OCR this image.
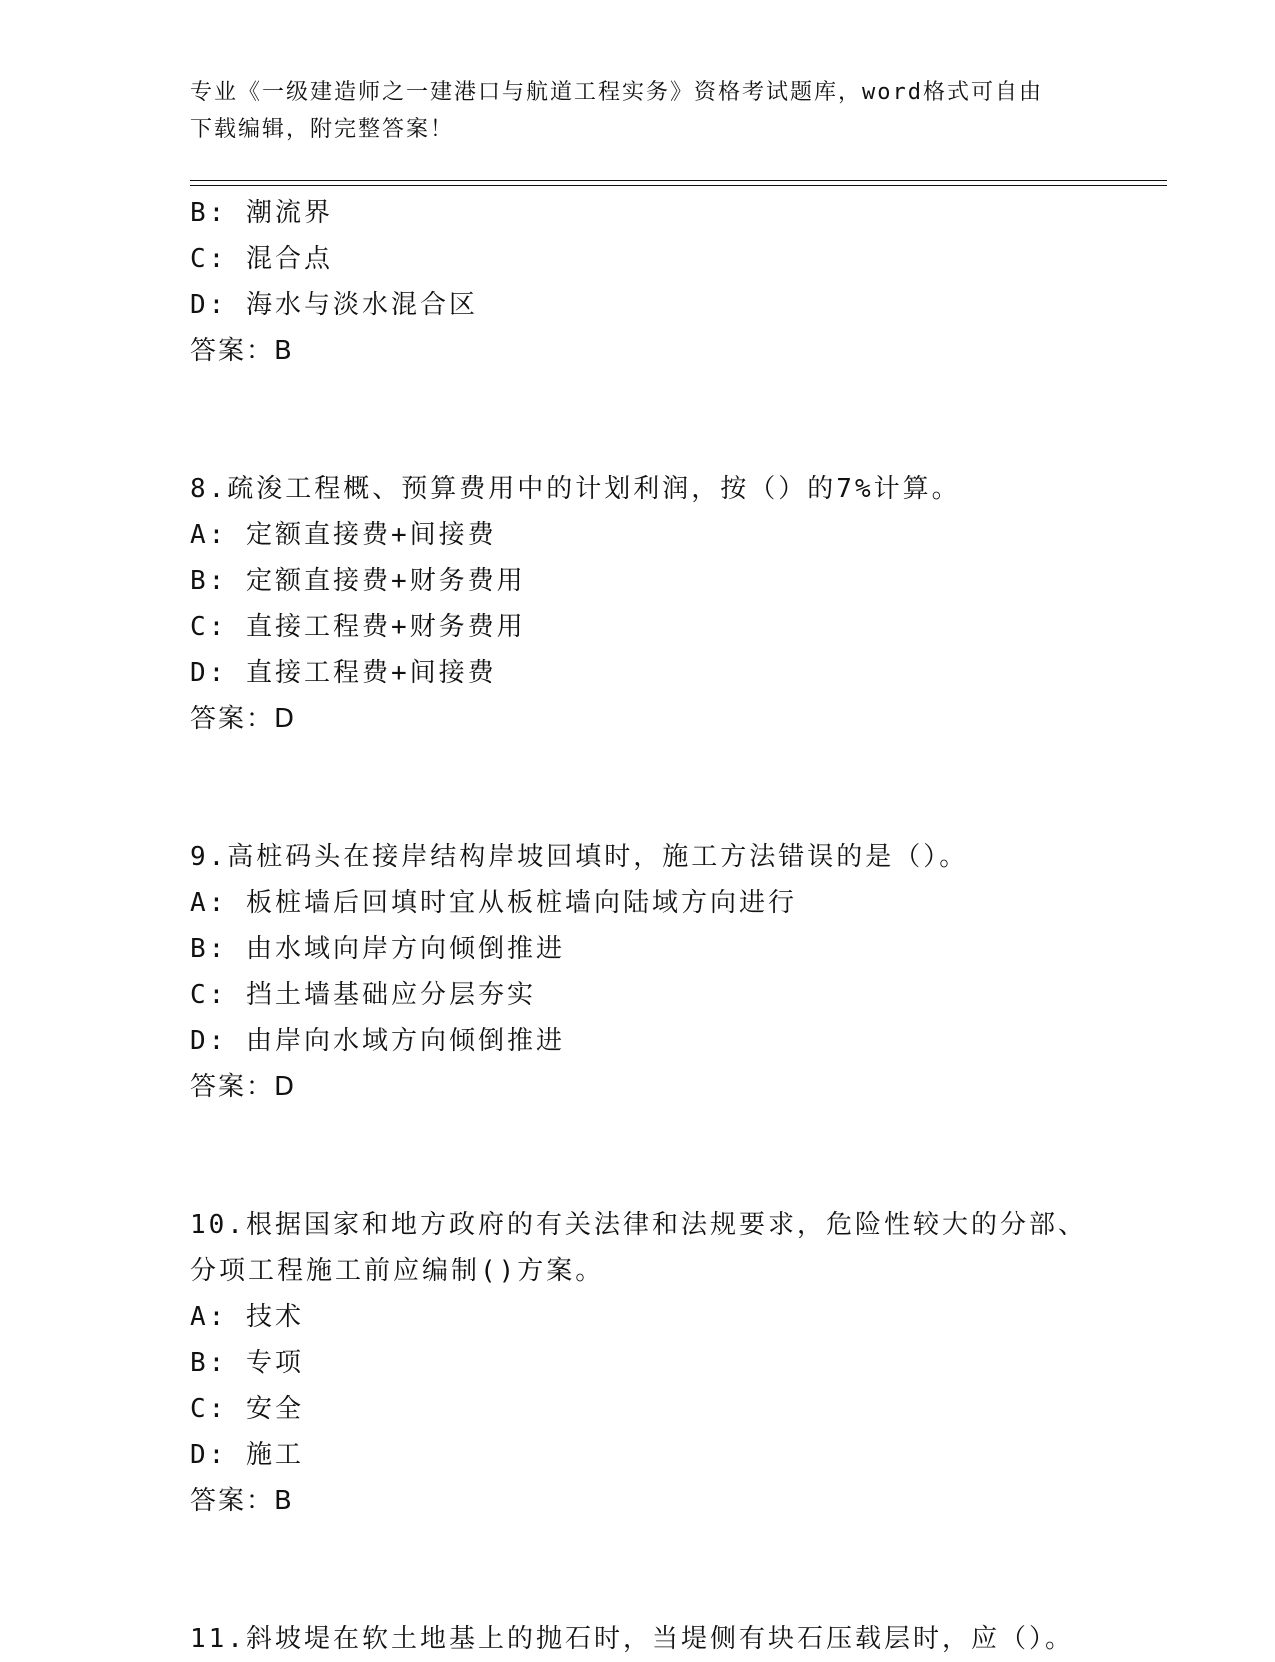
专业《一级建造师之一建港口与航道工程实务》资格考试题库，word格式可自由
下载编辑，附完整答案！
B: 潮流界
C: 混合点
D: 海水与淡水混合区
答案：B
8.疏浚工程概、预算费用中的计划利润，按（）的7%计算。
A: 定额直接费+间接费
B: 定额直接费+财务费用
C: 直接工程费+财务费用
D: 直接工程费+间接费
答案：D
9.高桩码头在接岸结构岸坡回填时，施工方法错误的是（）。
A: 板桩墙后回填时宜从板桩墙向陆域方向进行
B: 由水域向岸方向倾倒推进
C: 挡土墙基础应分层夯实
D: 由岸向水域方向倾倒推进
答案：D
10.根据国家和地方政府的有关法律和法规要求，危险性较大的分部、
分项工程施工前应编制()方案。
A: 技术
B: 专项
C: 安全
D: 施工
答案：B
11.斜坡堤在软土地基上的抛石时，当堤侧有块石压载层时，应（）。
